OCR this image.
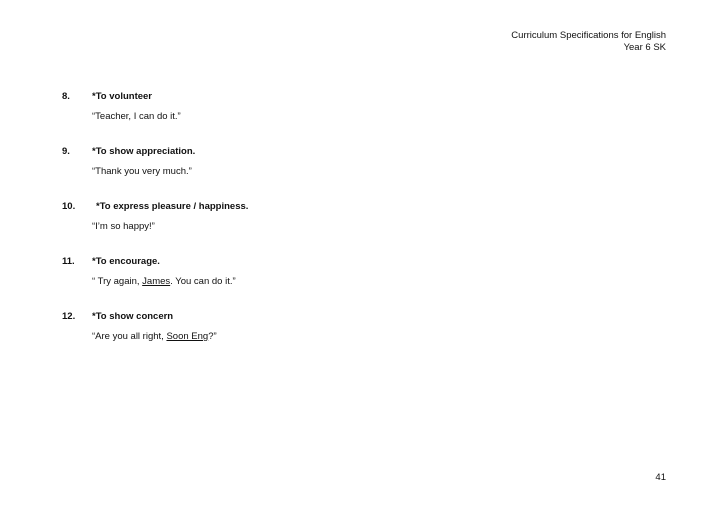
Curriculum Specifications for English
Year 6 SK
8. *To volunteer
“Teacher, I can do it.”
9. *To show appreciation.
“Thank you very much.”
10. *To express pleasure / happiness.
“I’m so happy!”
11. *To encourage.
“ Try again, James. You can do it.”
12. *To show concern
“Are you all right, Soon Eng?”
41
